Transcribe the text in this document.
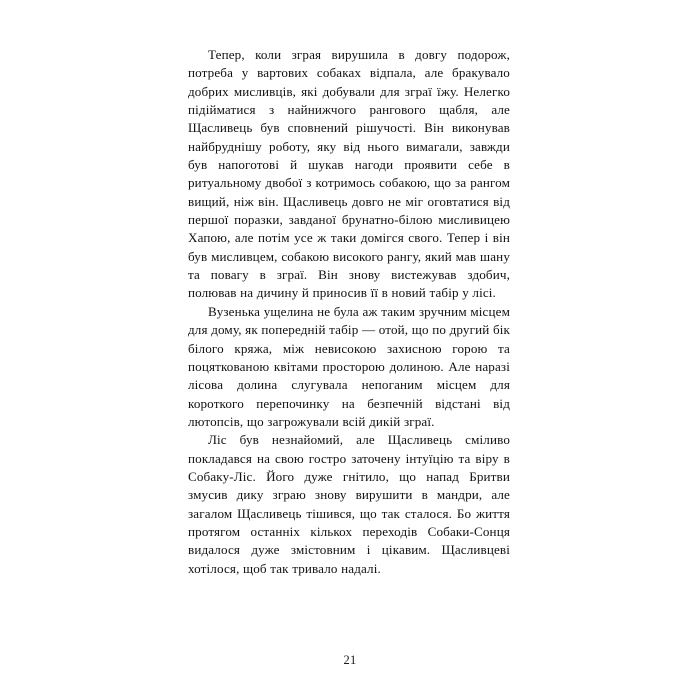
Тепер, коли зграя вирушила в довгу подорож, потреба у вартових собаках відпала, але бракувало добрих мисливців, які добували для зграї їжу. Нелегко підійматися з найнижчого рангового щабля, але Щасливець був сповнений рішучості. Він виконував найбруднішу роботу, яку від нього вимагали, завжди був напоготові й шукав нагоди проявити себе в ритуальному двобої з котримось собакою, що за рангом вищий, ніж він. Щасливець довго не міг оговтатися від першої поразки, завданої брунатно-білою мисливицею Хапою, але потім усе ж таки домігся свого. Тепер і він був мисливцем, собакою високого рангу, який мав шану та повагу в зграї. Він знову вистежував здобич, полював на дичину й приносив її в новий табір у лісі.

Вузенька ущелина не була аж таким зручним місцем для дому, як попередній табір — отой, що по другий бік білого кряжа, між невисокою захисною горою та поцяткованою квітами просторою долиною. Але наразі лісова долина слугувала непоганим місцем для короткого перепочинку на безпечній відстані від лютопсів, що загрожували всій дикій зграї.

Ліс був незнайомий, але Щасливець сміливо покладався на свою гостро заточену інтуїцію та віру в Собаку-Ліс. Його дуже гнітило, що напад Бритви змусив дику зграю знову вирушити в мандри, але загалом Щасливець тішився, що так сталося. Бо життя протягом останніх кількох переходів Собаки-Сонця видалося дуже змістовним і цікавим. Щасливцеві хотілося, щоб так тривало надалі.

21
